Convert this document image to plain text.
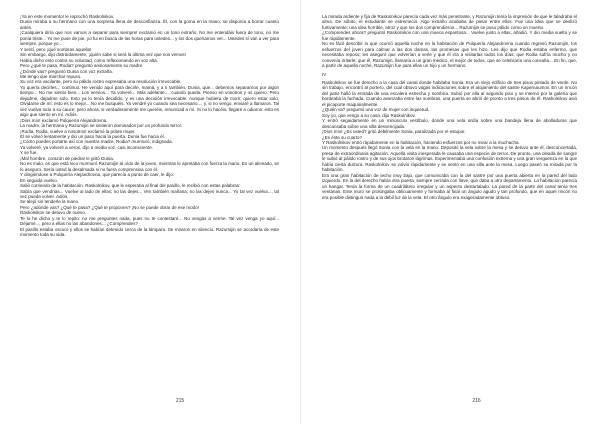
¡Ya en este momento! le reprochó Raskolnikov.

Dunia miraba a su hermano con una sorpresa llena de desconfianza. Él, con la goma en la mano, se disponía a borrar cuanto antes.

¡Cualquiera diría que nos vamos a separar para siempre! exclamó en un tono extraño. No me entendáis fuera de tono, no me ponía triste... Yo me puse de pie, yo fui en busca de las horas para ustedes... y los dos queríamos ver... Ustedes sí van a ver para siempre, porque yo...

Y sentí, pero ¡qué sombras aquella!

Sin embargo, dijo distraídamente, ¡quién sabe si será la última vez que nos vemos!

Había dicho esto contra su voluntad, como reflexionando en voz alta.

Pero ¿qué te pasa, Rodia? preguntó ansiosamente su madre.

¿Dónde vas? preguntó Dunia con voz extraña.

Me tengo que marchar repuso.

Su voz era vacilante, pero su pálido rostro expresaba una resolución irrevocable.

Yo quería decirles... continuó. He venido aquí para decirle, mamá, y a ti también, Dunia, que... debemos separarnos por algún tiempo... No me siento bien... Los nervios... Ya volveré... Más adelante..., cuando pueda. Pienso en vosotros y os quiero. Pero dejadme, dejadme solo. Esto ya lo tenía decidido, y es una decisión irrevocable. Aunque hubiera de morir, quiero estar solo. Olvidarse de mí: esto es lo mejor... No me busquéis. Ya vendré yo cuando sea necesario..., y, si no vengo, enviaré a llamaros. Tal vez vuelva todo a su cauce; pero ahora, si verdaderamente me queréis, renunciad a mí. Si no lo hacéis, llegaré a odiaros: esto es algo que siento en mí. Adiós.

¡Dios mío! exclamó Pulquería Alejandrovna.

La madre, la hermana y Razumijin se sintieron dominados por un profundo terror.

¡Rodia, Rodia, vuelve a nosotros! exclamó la pobre mujer.

Él se volvió lentamente y dio un paso hacia la puerta. Dunia fue hacia él.

¿Cómo puedes portarte así con nuestra madre, Rodia? murmuró, indignada.

Ya volveré, ya volveré a veros, dijo a media voz, casi inconsciente.

Y se fue.

¡Mal hombre, corazón de piedra! le gritó Dunia.

No es malo, es que está loco murmuró Razumijin al oído de la joven, mientras le apretaba con fuerza la mano. Es un alienado, se lo aseguro. Sería usted la desalmada si no fuera comprensiva con él.

Y dirigiéndose a Pulquería Alejandrovna, que parecía a punto de caer, le dijo:

En seguida vuelvo.

Salió corriendo de la habitación. Raskolnikov, que le esperaba al final del pasillo, le recibió con estas palabras:

Sabía que vendrías... Vuelve al lado de ellas; no las dejes... Ven también mañana; no las dejes nunca... Yo tal vez vuelva..., tal vez pueda volver. Adiós.

Se alejó sin tenderle la mano.

Pero ¿adónde vas? ¿Qué te pasa? ¿Qué te propones? ¡No se puede obrar de ese modo!

Raskolnikov se detuvo de nuevo.

Te lo he dicho y te lo repito: no me preguntes nada, pues no te contestaré... No vengas a verme. Tal vez venga yo aquí... Déjame..., pero a ellas no las abandones... ¿Comprendes?

El pasillo estaba oscuro y ellos se habían detenido cerca de la lámpara. Se miraron en silencio. Razumijin se acordaría de este momento toda su vida.

215

La mirada ardiente y fija de Raskolnikov parecía cada vez más penetrante, y Razumijin tenía la impresión de que le taladraba el alma. De súbito, el estudiante se estremeció. Algo extraño acababa de pasar entre ellos. Fue una idea que se deslizó furtivamente; una idea horrible, atroz y que los dos comprendieron... Razumijin se puso pálido como un muerto.

¿Comprendes ahora? preguntó Raskolnikov con una mueca espantosa... Vuelve junto a ellas, añadió. Y dio media vuelta y se fue rápidamente.

No es fácil describir lo que ocurrió aquella noche en la habitación de Pulquería Alejandrovna cuando regresó Razumijin, los esfuerzos del joven para calmar a las dos damas, las promesas que les hizo. Les dijo que Rodia estaba enfermo, que necesitaba reposo; les aseguró que volverían a verle y que él iría a visitarlas todos los días; que Rodia sufría mucho y no convenía irritarle; que él, Razumijin, llamaría a un gran médico, el mejor de todos, que se celebraría una consulta... En fin, que, a partir de aquella noche, Razumijin fue para ellas un hijo y un hermano.

IV

Raskolnikov se fue derecho a la casa del canal donde habitaba Sonia. Era un viejo edificio de tres pisos pintado de verde. No sin trabajo, encontró al portero, del cual obtuvo vagas indicaciones sobre el alojamiento del sastre Kapernaumov. En un rincón del patio halló la entrada de una escalera estrecha y sombría. Subió por ella al segundo piso y se internó por la galería que bordeaba la fachada. Cuando avanzaba entre las sombras, una puerta se abrió de pronto a tres pasos de él. Raskolnikov asió el picaporte maquinalmente.

¿Quién va? preguntó una voz de mujer con inquietud.

Soy yo, que vengo a su casa, dijo Raskolnikov.

Y entró seguidamente en un minúsculo vestíbulo, donde una vela ardía sobre una bandeja llena de abolladuras que descansaba sobre una silla desvencijada.

¡Dios mío! ¿Es usted? gritó débilmente Sonia, paralizada por el estupor.

¿Es éste su cuarto?

Y Raskolnikov entró rápidamente en la habitación, haciendo esfuerzos por no mirar a la muchacha.

Un momento después llegó Sonia con la vela en la mano. Depositó la vela sobre la mesa y se detuvo ante él, desconcertada, presa de extraordinaria agitación. Aquella visita inesperada le causaba una especie de terror. De pronto, una oleada de sangre le subió al pálido rostro y de sus ojos brotaron lágrimas. Experimentaba una confusión extrema y una gran vergüenza en la que había cierta dulzura. Raskolnikov se volvió rápidamente y se sentó en una silla ante la mesa. Luego paseó su mirada por la habitación.

Era una gran habitación de techo muy bajo, que comunicaba con la del sastre por una puerta abierta en la pared del lado izquierdo. En la del derecho había otra puerta, siempre cerrada con llave, que daba a otro departamento. La habitación parecía un hangar. Tenía la forma de un cuadrilátero irregular y un aspecto destartalado. La pared de la parte del canal tenía tres ventanas. Este muro se prolongaba oblicuamente y formaba al final un ángulo agudo y tan profundo, que en aquel rincón no era posible distinguir nada a la débil luz de la vela. El otro ángulo era exageradamente obtuso.

216
